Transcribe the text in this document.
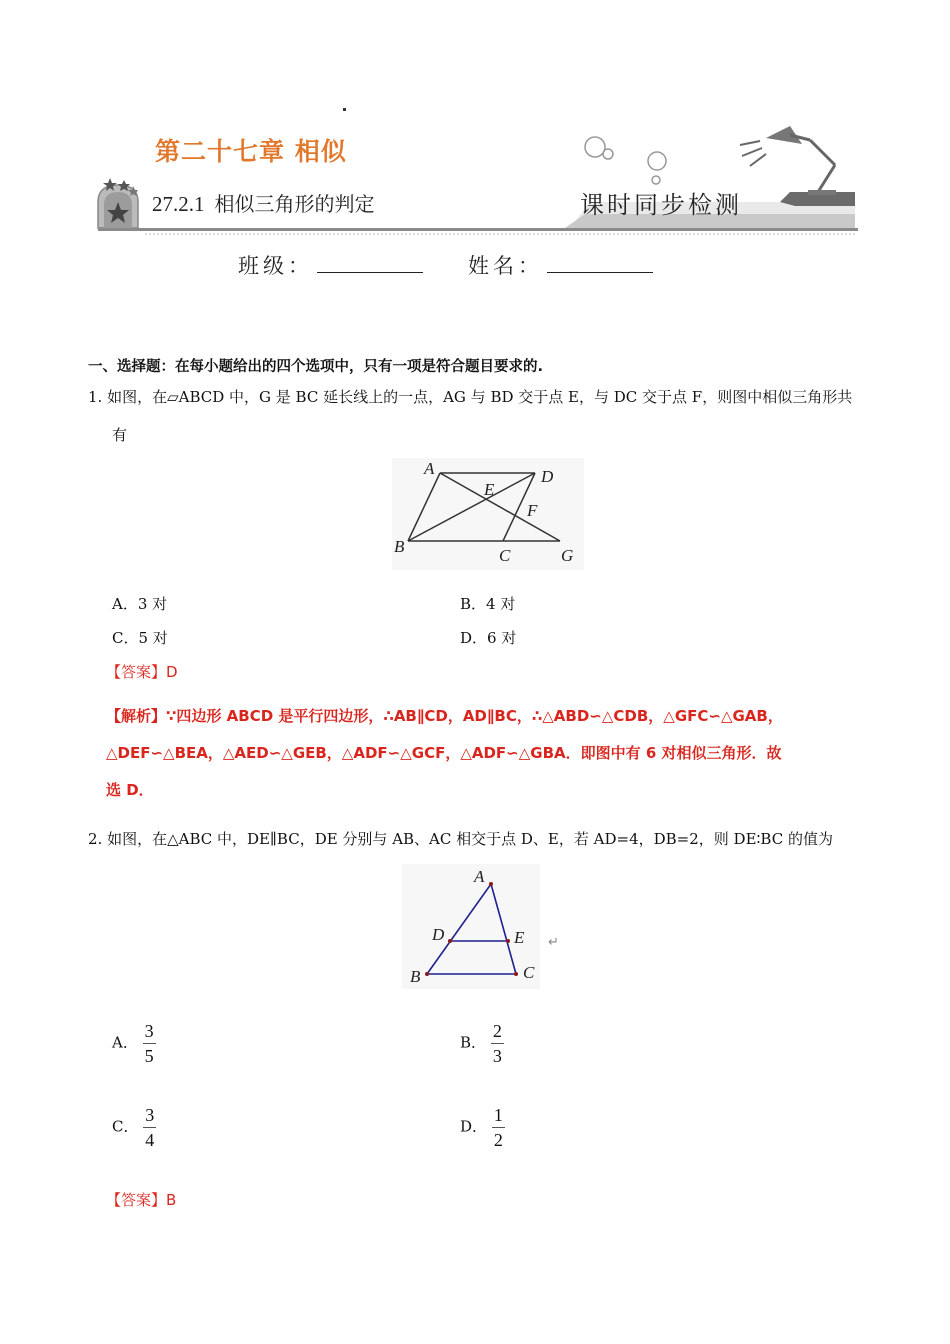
第二十七章 相似
27.2.1 相似三角形的判定	课时同步检测
班级：	姓名：
一、选择题：在每小题给出的四个选项中，只有一项是符合题目要求的.
1. 如图，在▱ABCD 中，G 是 BC 延长线上的一点，AG 与 BD 交于点 E，与 DC 交于点 F，则图中相似三角形共
有
A	D
E
F
B	C	G
A．3 对	B．4 对
C．5 对	D．6 对
【答案】D
【解析】∵四边形 ABCD 是平行四边形，∴AB∥CD，AD∥BC，∴△ABD∽△CDB，△GFC∽△GAB，
△DEF∽△BEA，△AED∽△GEB，△ADF∽△GCF，△ADF∽△GBA．即图中有 6 对相似三角形．故
选 D．
2. 如图，在△ABC 中，DE∥BC，DE 分别与 AB、AC 相交于点 D、E，若 AD=4，DB=2，则 DE∶BC 的值为
A
D	E
B	C
↵
A． $\frac{3}{5}$	B． $\frac{2}{3}$
C． $\frac{3}{4}$	D． $\frac{1}{2}$
【答案】B
